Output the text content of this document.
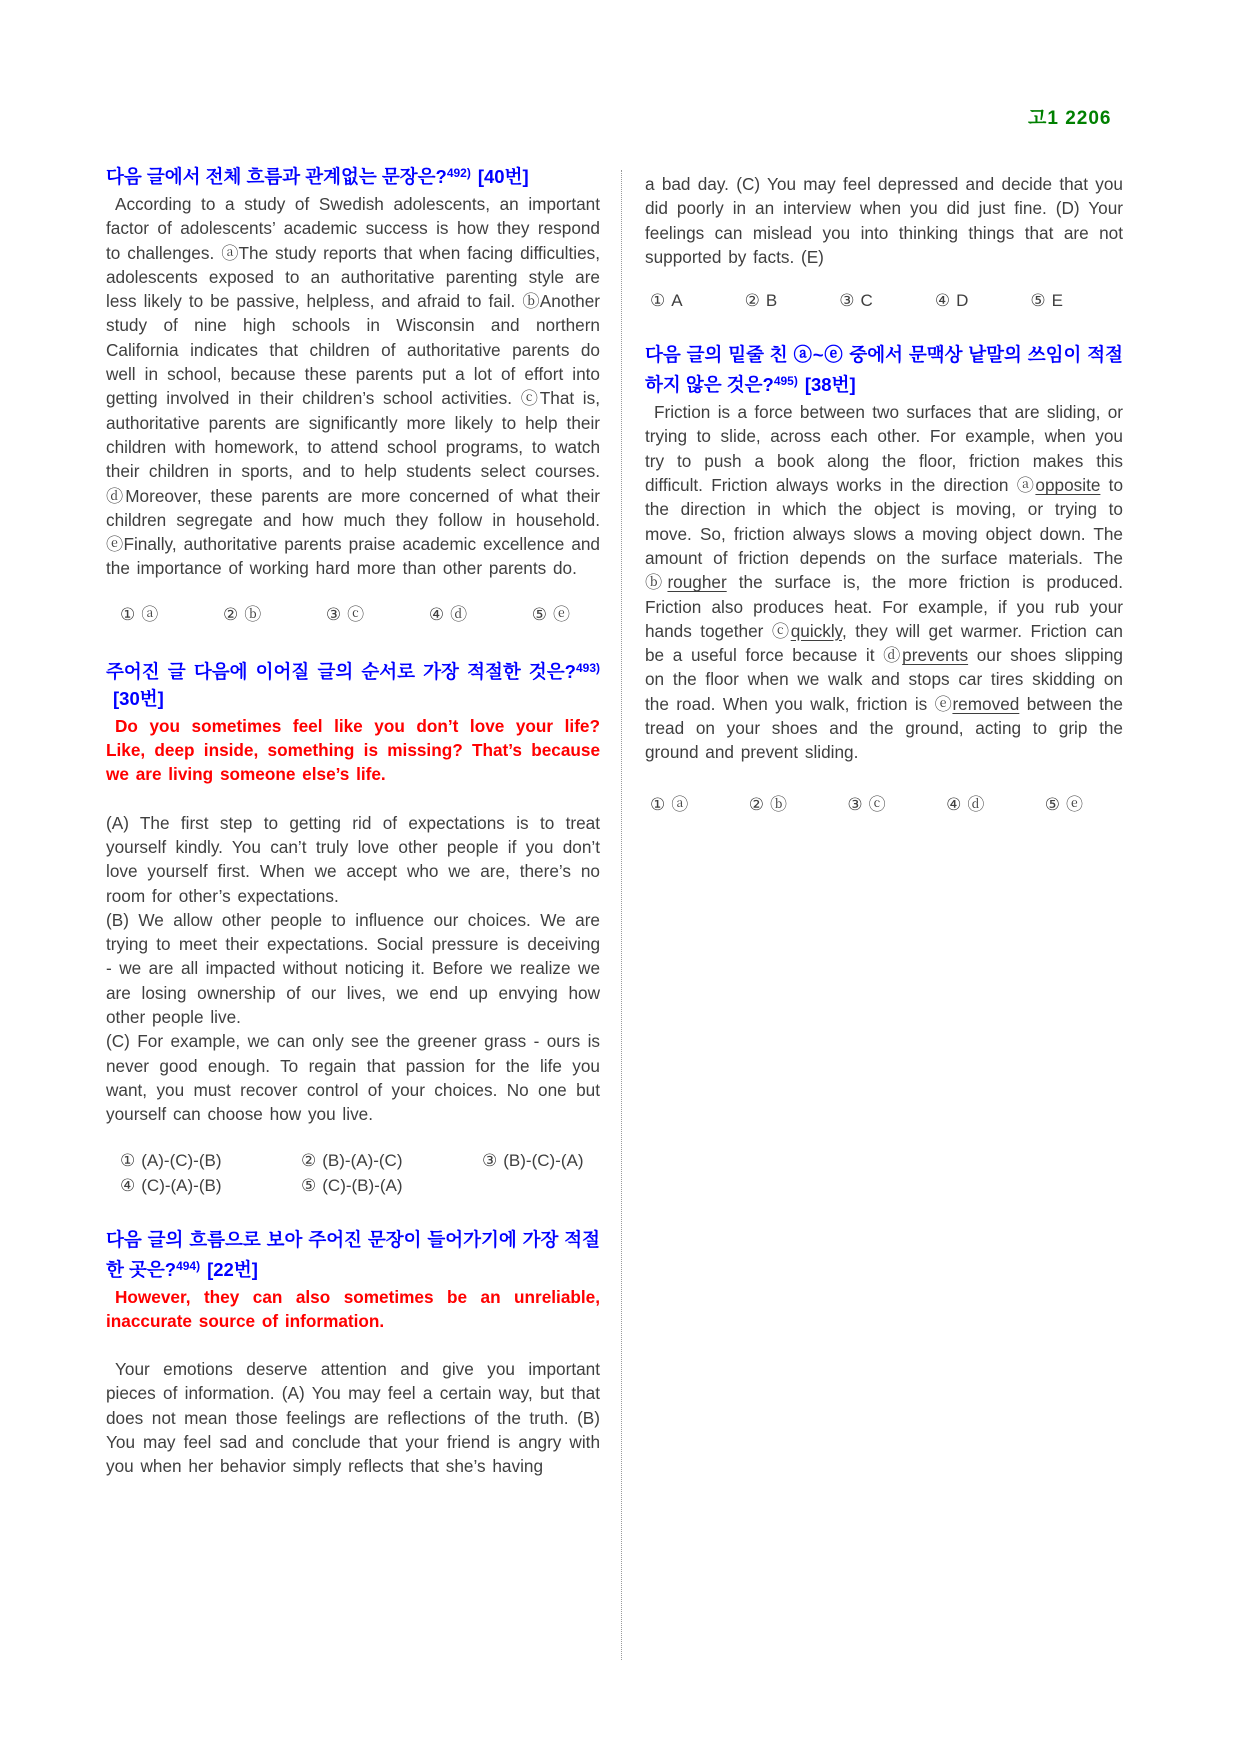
고1 2206
다음 글에서 전체 흐름과 관계없는 문장은?$^{492)}$ [40번]

According to a study of Swedish adolescents, an important factor of adolescents’ academic success is how they respond to challenges. ⓐThe study reports that when facing difficulties, adolescents exposed to an authoritative parenting style are less likely to be passive, helpless, and afraid to fail. ⓑAnother study of nine high schools in Wisconsin and northern California indicates that children of authoritative parents do well in school, because these parents put a lot of effort into getting involved in their children’s school activities. ⓒThat is, authoritative parents are significantly more likely to help their children with homework, to attend school programs, to watch their children in sports, and to help students select courses. ⓓMoreover, these parents are more concerned of what their children segregate and how much they follow in household. ⓔFinally, authoritative parents praise academic excellence and the importance of working hard more than other parents do.

① ⓐ	② ⓑ	③ ⓒ	④ ⓓ	⑤ ⓔ
주어진 글 다음에 이어질 글의 순서로 가장 적절한 것은?$^{493)}$[30번]

Do you sometimes feel like you don’t love your life? Like, deep inside, something is missing? That’s because we are living someone else’s life.

(A) The first step to getting rid of expectations is to treat yourself kindly. You can’t truly love other people if you don’t love yourself first. When we accept who we are, there’s no room for other’s expectations.

(B) We allow other people to influence our choices. We are trying to meet their expectations. Social pressure is deceiving - we are all impacted without noticing it. Before we realize we are losing ownership of our lives, we end up envying how other people live.

(C) For example, we can only see the greener grass - ours is never good enough. To regain that passion for the life you want, you must recover control of your choices. No one but yourself can choose how you live.

① (A)-(C)-(B)	② (B)-(A)-(C)	③ (B)-(C)-(A)
④ (C)-(A)-(B)	⑤ (C)-(B)-(A)
다음 글의 흐름으로 보아 주어진 문장이 들어가기에 가장 적절한 곳은?$^{494)}$ [22번]

However, they can also sometimes be an unreliable, inaccurate source of information.

Your emotions deserve attention and give you important pieces of information. (A) You may feel a certain way, but that does not mean those feelings are reflections of the truth. (B) You may feel sad and conclude that your friend is angry with you when her behavior simply reflects that she’s having

a bad day. (C) You may feel depressed and decide that you did poorly in an interview when you did just fine. (D) Your feelings can mislead you into thinking things that are not supported by facts. (E)

① A	② B	③ C	④ D	⑤ E
다음 글의 밑줄 친 ⓐ~ⓔ 중에서 문맥상 낱말의 쓰임이 적절하지 않은 것은?$^{495)}$ [38번]

Friction is a force between two surfaces that are sliding, or trying to slide, across each other. For example, when you try to push a book along the floor, friction makes this difficult. Friction always works in the direction ⓐopposite to the direction in which the object is moving, or trying to move. So, friction always slows a moving object down. The amount of friction depends on the surface materials. The ⓑrougher the surface is, the more friction is produced. Friction also produces heat. For example, if you rub your hands together ⓒquickly, they will get warmer. Friction can be a useful force because it ⓓprevents our shoes slipping on the floor when we walk and stops car tires skidding on the road. When you walk, friction is ⓔremoved between the tread on your shoes and the ground, acting to grip the ground and prevent sliding.

① ⓐ	② ⓑ	③ ⓒ	④ ⓓ	⑤ ⓔ
